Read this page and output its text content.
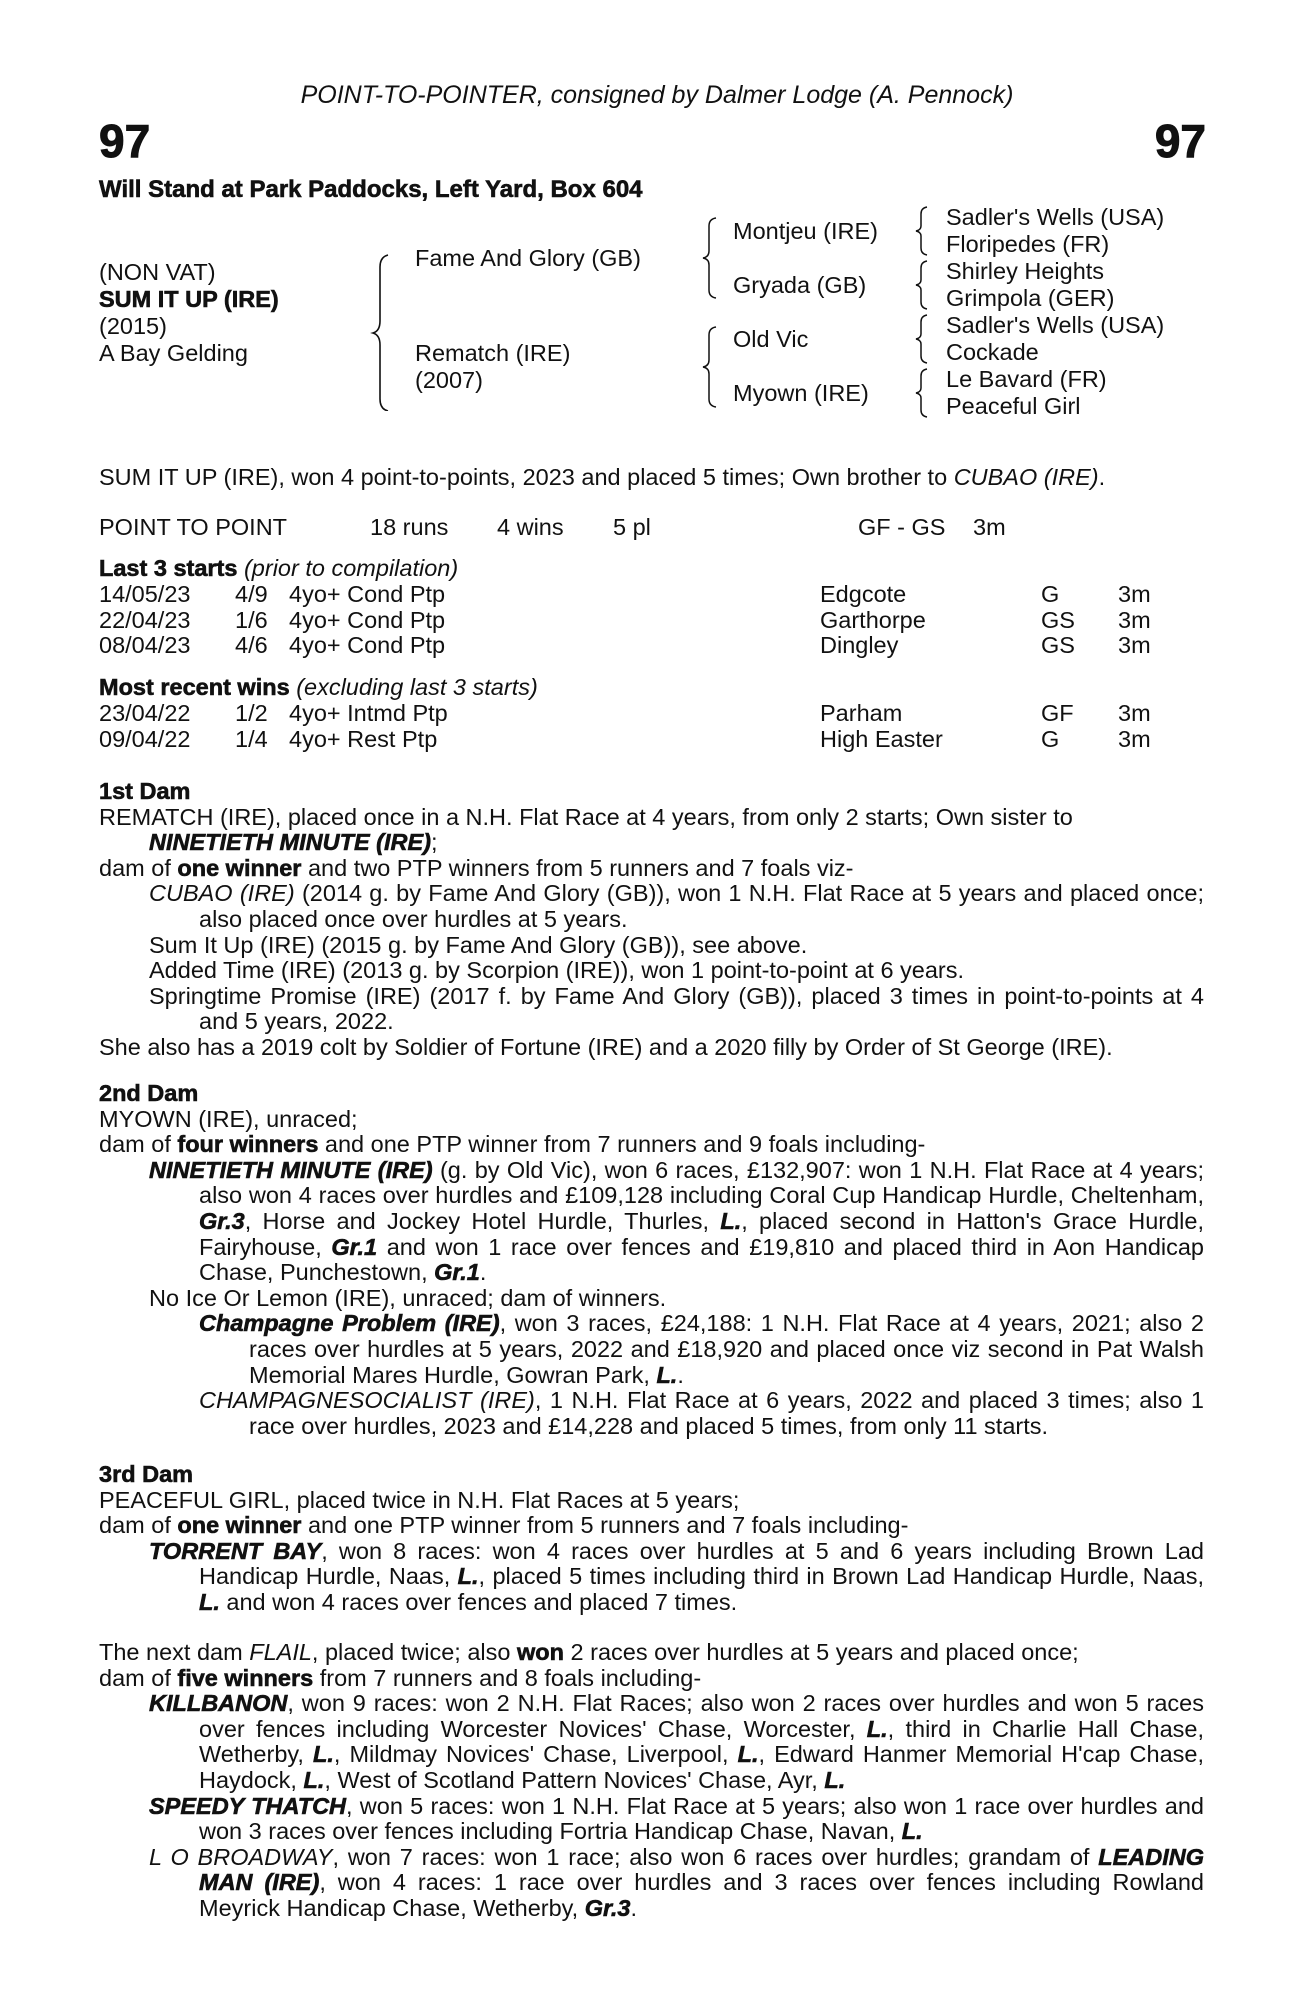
POINT-TO-POINTER, consigned by Dalmer Lodge (A. Pennock)
97	97
Will Stand at Park Paddocks, Left Yard, Box 604
(NON VAT)
SUM IT UP (IRE)
(2015)
A Bay Gelding
Fame And Glory (GB)
Rematch (IRE)
(2007)
Montjeu (IRE)
Gryada (GB)
Old Vic
Myown (IRE)
Sadler's Wells (USA)
Floripedes (FR)
Shirley Heights
Grimpola (GER)
Sadler's Wells (USA)
Cockade
Le Bavard (FR)
Peaceful Girl
SUM IT UP (IRE), won 4 point-to-points, 2023 and placed 5 times; Own brother to CUBAO (IRE).
POINT TO POINT	18 runs 4 wins 5 pl	GF - GS 3m
Last 3 starts (prior to compilation)
14/05/23 4/9 4yo+ Cond Ptp	Edgcote	G 3m
22/04/23 1/6 4yo+ Cond Ptp	Garthorpe	GS 3m
08/04/23 4/6 4yo+ Cond Ptp	Dingley	GS 3m
Most recent wins (excluding last 3 starts)
23/04/22 1/2 4yo+ Intmd Ptp	Parham	GF 3m
09/04/22 1/4 4yo+ Rest Ptp	High Easter	G 3m
1st Dam
REMATCH (IRE), placed once in a N.H. Flat Race at 4 years, from only 2 starts; Own sister to
NINETIETH MINUTE (IRE);
dam of one winner and two PTP winners from 5 runners and 7 foals viz-
CUBAO (IRE) (2014 g. by Fame And Glory (GB)), won 1 N.H. Flat Race at 5 years and placed once; also placed once over hurdles at 5 years.
Sum It Up (IRE) (2015 g. by Fame And Glory (GB)), see above.
Added Time (IRE) (2013 g. by Scorpion (IRE)), won 1 point-to-point at 6 years.
Springtime Promise (IRE) (2017 f. by Fame And Glory (GB)), placed 3 times in point-to-points at 4 and 5 years, 2022.
She also has a 2019 colt by Soldier of Fortune (IRE) and a 2020 filly by Order of St George (IRE).
2nd Dam
MYOWN (IRE), unraced;
dam of four winners and one PTP winner from 7 runners and 9 foals including-
NINETIETH MINUTE (IRE) (g. by Old Vic), won 6 races, £132,907: won 1 N.H. Flat Race at 4 years; also won 4 races over hurdles and £109,128 including Coral Cup Handicap Hurdle, Cheltenham, Gr.3, Horse and Jockey Hotel Hurdle, Thurles, L., placed second in Hatton's Grace Hurdle, Fairyhouse, Gr.1 and won 1 race over fences and £19,810 and placed third in Aon Handicap Chase, Punchestown, Gr.1.
No Ice Or Lemon (IRE), unraced; dam of winners.
Champagne Problem (IRE), won 3 races, £24,188: 1 N.H. Flat Race at 4 years, 2021; also 2 races over hurdles at 5 years, 2022 and £18,920 and placed once viz second in Pat Walsh Memorial Mares Hurdle, Gowran Park, L..
CHAMPAGNESOCIALIST (IRE), 1 N.H. Flat Race at 6 years, 2022 and placed 3 times; also 1 race over hurdles, 2023 and £14,228 and placed 5 times, from only 11 starts.
3rd Dam
PEACEFUL GIRL, placed twice in N.H. Flat Races at 5 years;
dam of one winner and one PTP winner from 5 runners and 7 foals including-
TORRENT BAY, won 8 races: won 4 races over hurdles at 5 and 6 years including Brown Lad Handicap Hurdle, Naas, L., placed 5 times including third in Brown Lad Handicap Hurdle, Naas, L. and won 4 races over fences and placed 7 times.
The next dam FLAIL, placed twice; also won 2 races over hurdles at 5 years and placed once;
dam of five winners from 7 runners and 8 foals including-
KILLBANON, won 9 races: won 2 N.H. Flat Races; also won 2 races over hurdles and won 5 races over fences including Worcester Novices' Chase, Worcester, L., third in Charlie Hall Chase, Wetherby, L., Mildmay Novices' Chase, Liverpool, L., Edward Hanmer Memorial H'cap Chase, Haydock, L., West of Scotland Pattern Novices' Chase, Ayr, L.
SPEEDY THATCH, won 5 races: won 1 N.H. Flat Race at 5 years; also won 1 race over hurdles and won 3 races over fences including Fortria Handicap Chase, Navan, L.
L O BROADWAY, won 7 races: won 1 race; also won 6 races over hurdles; grandam of LEADING MAN (IRE), won 4 races: 1 race over hurdles and 3 races over fences including Rowland Meyrick Handicap Chase, Wetherby, Gr.3.
